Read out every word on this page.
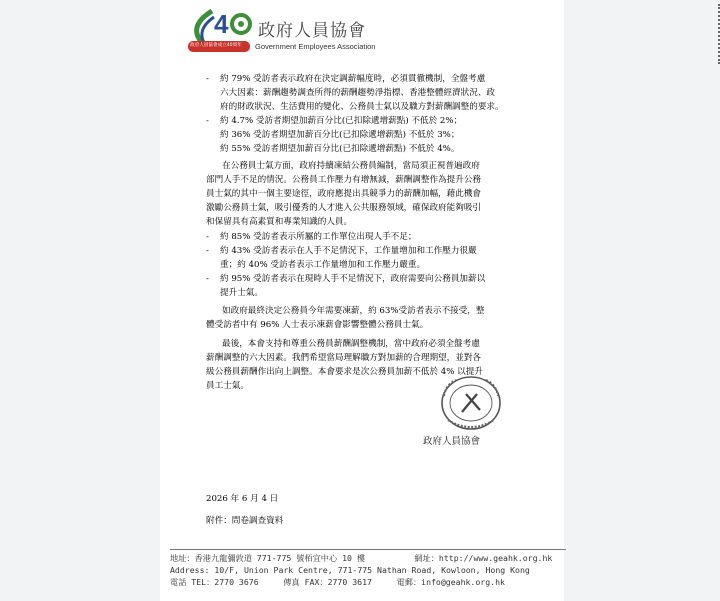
4
政府人員協會成立40周年
政府人員協會
Government Employees Association
- 約 79% 受訪者表示政府在決定調薪幅度時，必須貫徹機制，全盤考慮
六大因素：薪酬趨勢調查所得的薪酬趨勢淨指標、香港整體經濟狀況、政
府的財政狀況、生活費用的變化、公務員士氣以及職方對薪酬調整的要求。
- 約 4.7% 受訪者期望加薪百分比(已扣除遞增薪點) 不低於 2%；
約 36% 受訪者期望加薪百分比(已扣除遞增薪點) 不低於 3%；
約 55% 受訪者期望加薪百分比(已扣除遞增薪點) 不低於 4%。
在公務員士氣方面，政府持續凍結公務員編制，當局須正視普遍政府
部門人手不足的情況。公務員工作壓力有增無減，薪酬調整作為提升公務
員士氣的其中一個主要途徑，政府應提出具競爭力的薪酬加幅，藉此機會
激勵公務員士氣，吸引優秀的人才進入公共服務領域，確保政府能夠吸引
和保留具有高素質和專業知識的人員。
- 約 85% 受訪者表示所屬的工作單位出現人手不足；
- 約 43% 受訪者表示在人手不足情況下，工作量增加和工作壓力很嚴
重；約 40% 受訪者表示工作量增加和工作壓力嚴重。
- 約 95% 受訪者表示在現時人手不足情況下，政府需要向公務員加薪以
提升士氣。
如政府最終決定公務員今年需要凍薪，約 63%受訪者表示不接受，整
體受訪者中有 96% 人士表示凍薪會影響整體公務員士氣。
最後，本會支持和尊重公務員薪酬調整機制，當中政府必須全盤考慮
薪酬調整的六大因素。我們希望當局理解職方對加薪的合理期望，並對各
級公務員薪酬作出向上調整。本會要求是次公務員加薪不低於 4% 以提升
員工士氣。
政府人員協會
2026 年 6 月 4 日
附件：問卷調查資料
地址：香港九龍彌敦道 771-775 號栢宜中心 10 樓          網址：http://www.geahk.org.hk
Address: 10/F, Union Park Centre, 771-775 Nathan Road, Kowloon, Hong Kong
電話 TEL：2770 3676     傳真 FAX：2770 3617     電郵：info@geahk.org.hk
